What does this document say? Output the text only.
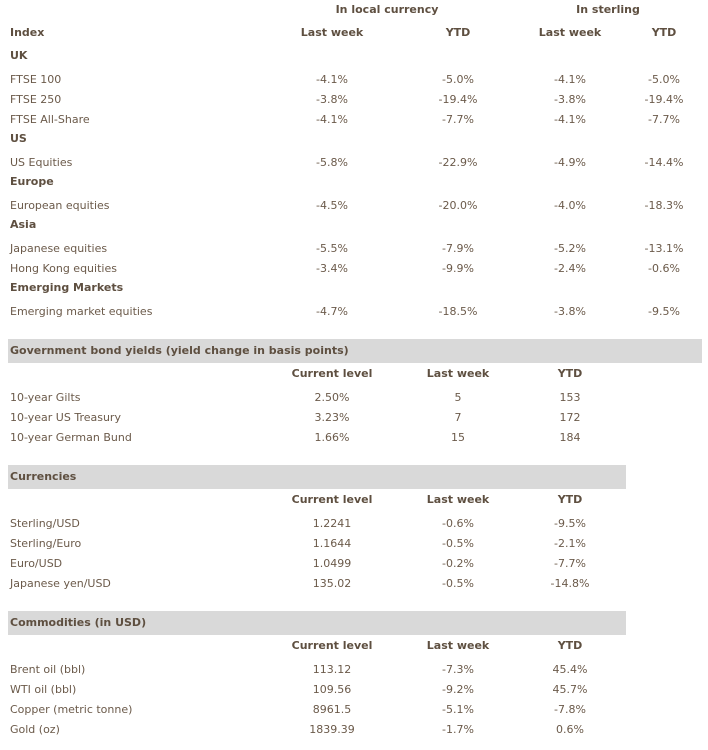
In local currency	In sterling
Index	Last week	YTD	Last week	YTD
UK
FTSE 100	-4.1%	-5.0%	-4.1%	-5.0%
FTSE 250	-3.8%	-19.4%	-3.8%	-19.4%
FTSE All-Share	-4.1%	-7.7%	-4.1%	-7.7%
US
US Equities	-5.8%	-22.9%	-4.9%	-14.4%
Europe
European equities	-4.5%	-20.0%	-4.0%	-18.3%
Asia
Japanese equities	-5.5%	-7.9%	-5.2%	-13.1%
Hong Kong equities	-3.4%	-9.9%	-2.4%	-0.6%
Emerging Markets
Emerging market equities	-4.7%	-18.5%	-3.8%	-9.5%
Government bond yields (yield change in basis points)
Current level	Last week	YTD
10-year Gilts	2.50%	5	153
10-year US Treasury	3.23%	7	172
10-year German Bund	1.66%	15	184
Currencies
Current level	Last week	YTD
Sterling/USD	1.2241	-0.6%	-9.5%
Sterling/Euro	1.1644	-0.5%	-2.1%
Euro/USD	1.0499	-0.2%	-7.7%
Japanese yen/USD	135.02	-0.5%	-14.8%
Commodities (in USD)
Current level	Last week	YTD
Brent oil (bbl)	113.12	-7.3%	45.4%
WTI oil (bbl)	109.56	-9.2%	45.7%
Copper (metric tonne)	8961.5	-5.1%	-7.8%
Gold (oz)	1839.39	-1.7%	0.6%
